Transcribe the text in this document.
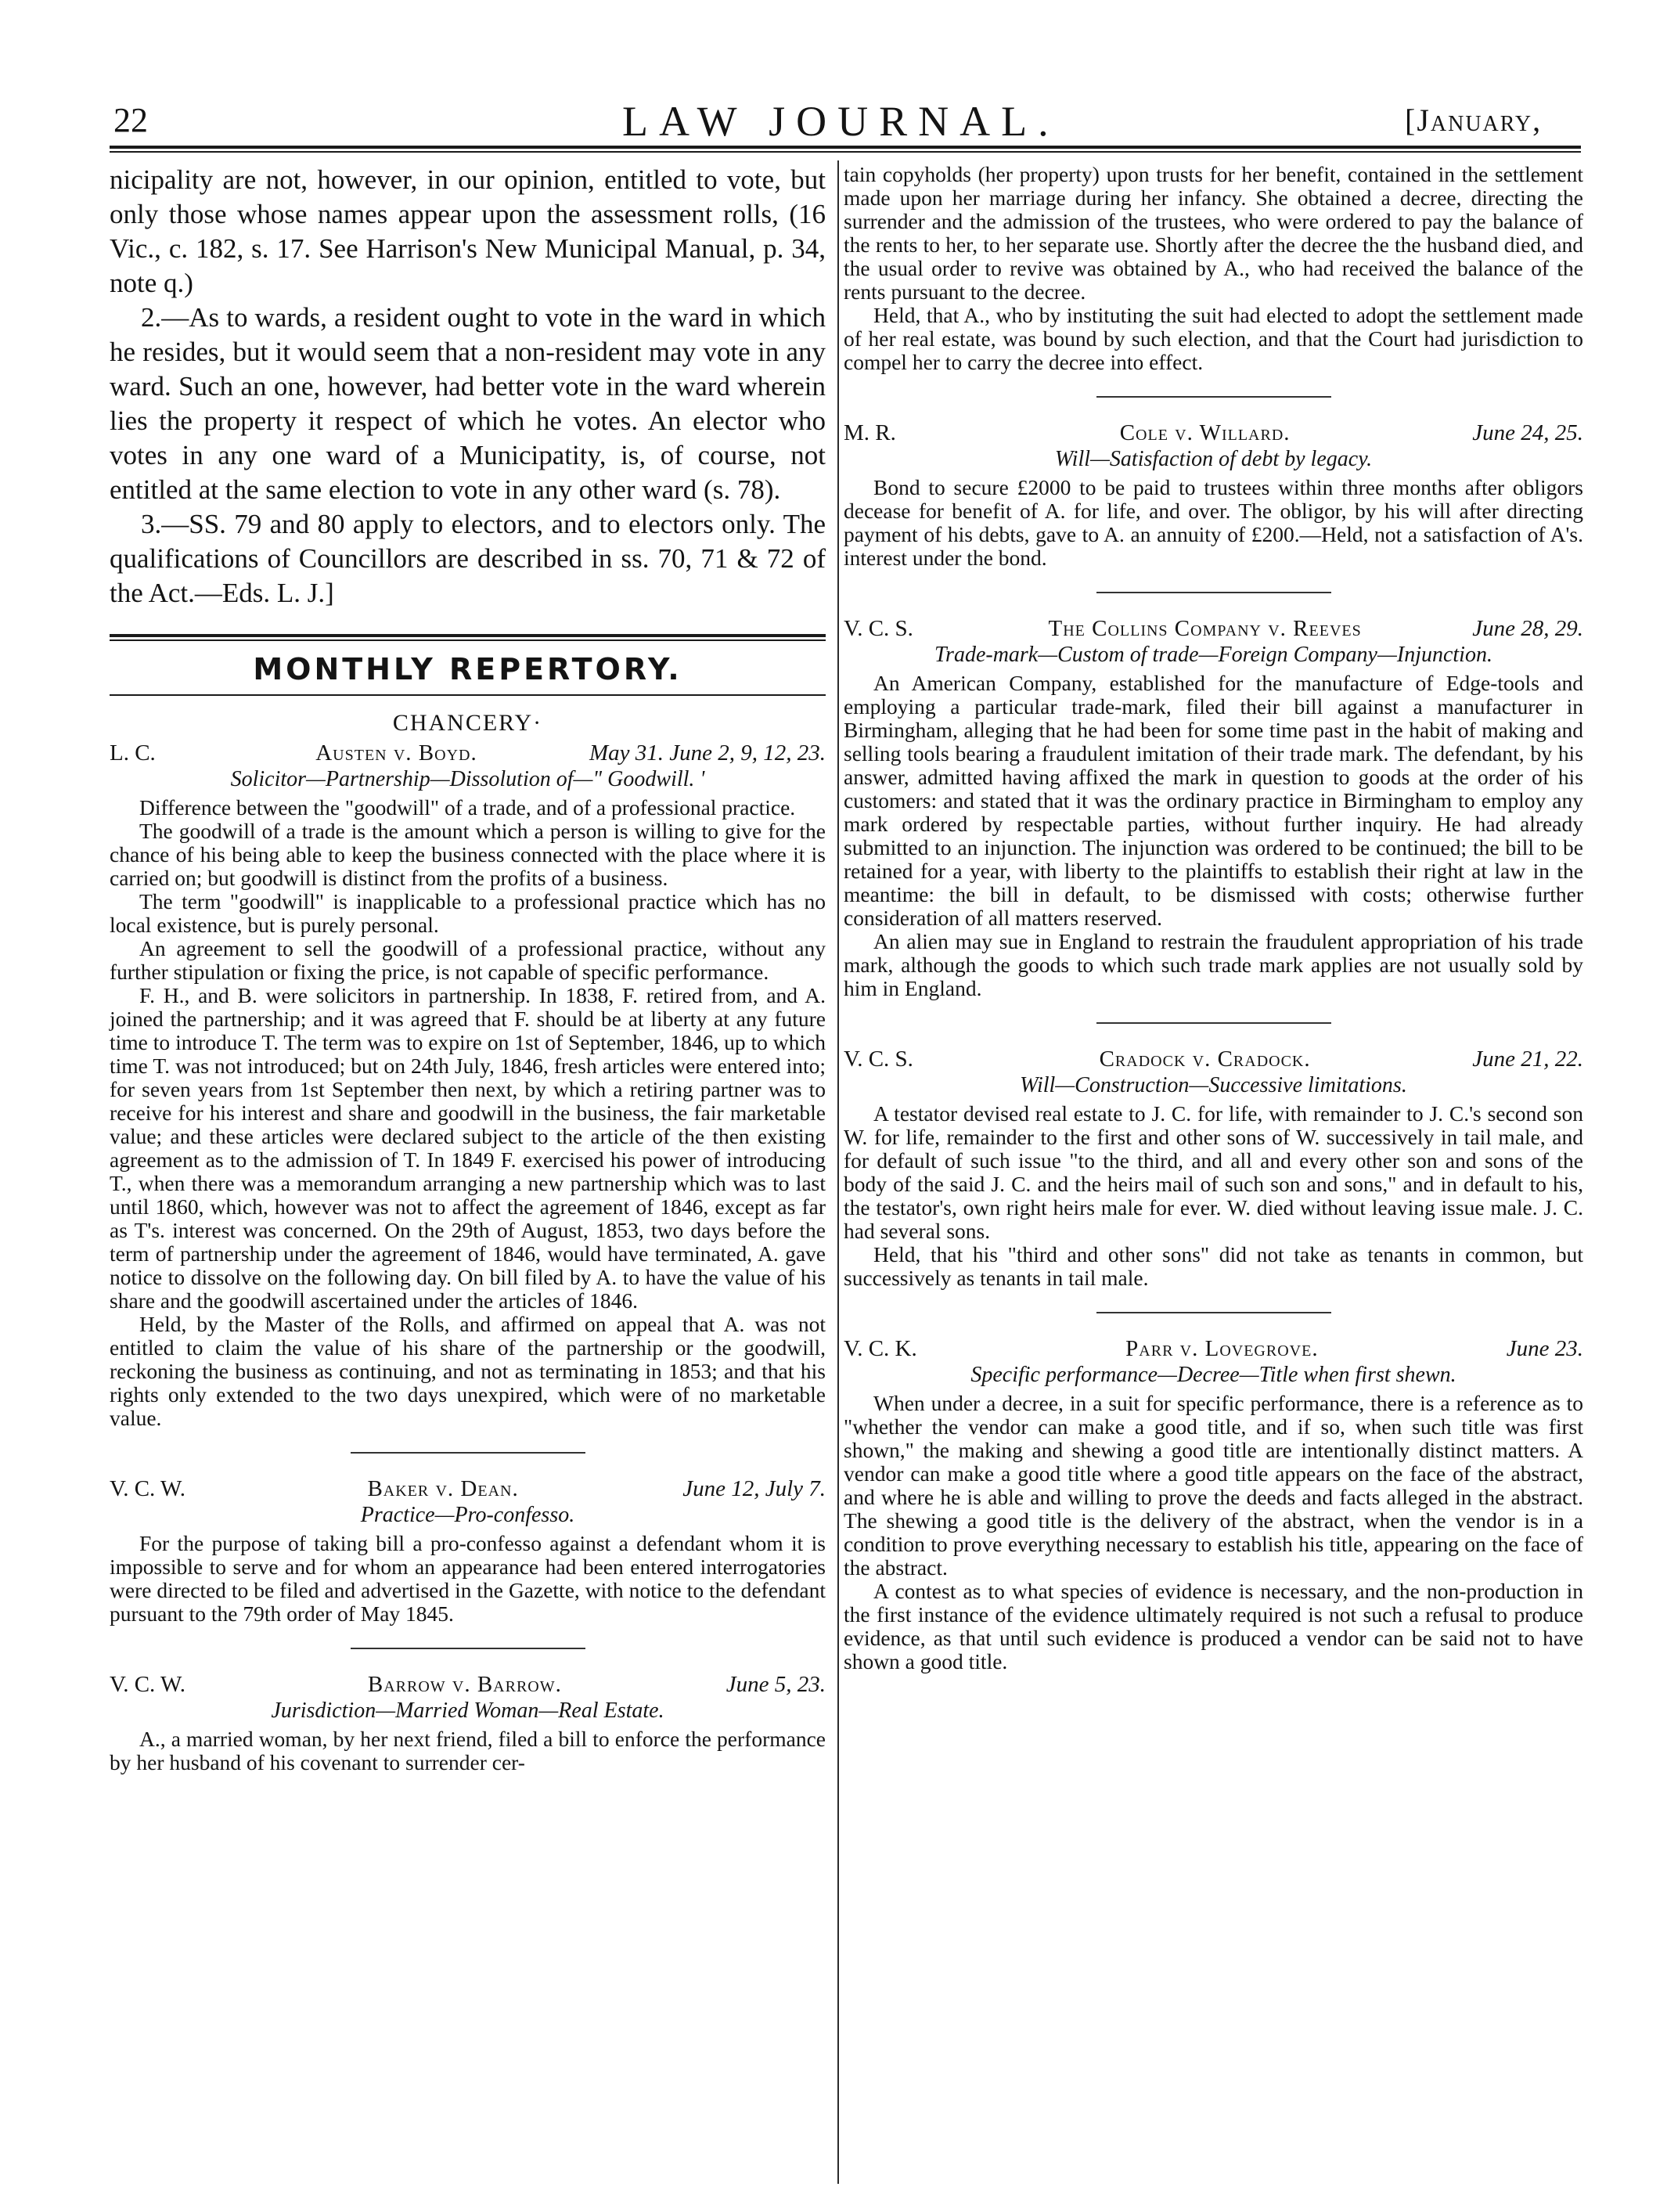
22	LAW JOURNAL.	[January,

nicipality are not, however, in our opinion, entitled to vote, but only those whose names appear upon the assessment rolls, (16 Vic., c. 182, s. 17. See Harrison's New Municipal Manual, p. 34, note q.)

2.—As to wards, a resident ought to vote in the ward in which he resides, but it would seem that a non-resident may vote in any ward. Such an one, however, had better vote in the ward wherein lies the property it respect of which he votes. An elector who votes in any one ward of a Municipatity, is, of course, not entitled at the same election to vote in any other ward (s. 78).

3.—SS. 79 and 80 apply to electors, and to electors only. The qualifications of Councillors are described in ss. 70, 71 & 72 of the Act.—Eds. L. J.]

MONTHLY REPERTORY.
CHANCERY·
L. C.	Austen v. Boyd.	May 31. June 2, 9, 12, 23.
Solicitor—Partnership—Dissolution of—" Goodwill. '

Difference between the "goodwill" of a trade, and of a professional practice.

The goodwill of a trade is the amount which a person is willing to give for the chance of his being able to keep the business connected with the place where it is carried on; but goodwill is distinct from the profits of a business.

The term "goodwill" is inapplicable to a professional practice which has no local existence, but is purely personal.

An agreement to sell the goodwill of a professional practice, without any further stipulation or fixing the price, is not capable of specific performance.

F. H., and B. were solicitors in partnership. In 1838, F. retired from, and A. joined the partnership; and it was agreed that F. should be at liberty at any future time to introduce T. The term was to expire on 1st of September, 1846, up to which time T. was not introduced; but on 24th July, 1846, fresh articles were entered into; for seven years from 1st September then next, by which a retiring partner was to receive for his interest and share and goodwill in the business, the fair marketable value; and these articles were declared subject to the article of the then existing agreement as to the admission of T. In 1849 F. exercised his power of introducing T., when there was a memorandum arranging a new partnership which was to last until 1860, which, however was not to affect the agreement of 1846, except as far as T's. interest was concerned. On the 29th of August, 1853, two days before the term of partnership under the agreement of 1846, would have terminated, A. gave notice to dissolve on the following day. On bill filed by A. to have the value of his share and the goodwill ascertained under the articles of 1846.

Held, by the Master of the Rolls, and affirmed on appeal that A. was not entitled to claim the value of his share of the partnership or the goodwill, reckoning the business as continuing, and not as terminating in 1853; and that his rights only extended to the two days unexpired, which were of no marketable value.

V. C. W.	Baker v. Dean.	June 12, July 7.
Practice—Pro-confesso.

For the purpose of taking bill a pro-confesso against a defendant whom it is impossible to serve and for whom an appearance had been entered interrogatories were directed to be filed and advertised in the Gazette, with notice to the defendant pursuant to the 79th order of May 1845.

V. C. W.	Barrow v. Barrow.	June 5, 23.
Jurisdiction—Married Woman—Real Estate.

A., a married woman, by her next friend, filed a bill to enforce the performance by her husband of his covenant to surrender cer-

tain copyholds (her property) upon trusts for her benefit, contained in the settlement made upon her marriage during her infancy. She obtained a decree, directing the surrender and the admission of the trustees, who were ordered to pay the balance of the rents to her, to her separate use. Shortly after the decree the the husband died, and the usual order to revive was obtained by A., who had received the balance of the rents pursuant to the decree.

Held, that A., who by instituting the suit had elected to adopt the settlement made of her real estate, was bound by such election, and that the Court had jurisdiction to compel her to carry the decree into effect.

M. R.	Cole v. Willard.	June 24, 25.
Will—Satisfaction of debt by legacy.

Bond to secure £2000 to be paid to trustees within three months after obligors decease for benefit of A. for life, and over. The obligor, by his will after directing payment of his debts, gave to A. an annuity of £200.—Held, not a satisfaction of A's. interest under the bond.

V. C. S.	The Collins Company v. Reeves	June 28, 29.
Trade-mark—Custom of trade—Foreign Company—Injunction.

An American Company, established for the manufacture of Edge-tools and employing a particular trade-mark, filed their bill against a manufacturer in Birmingham, alleging that he had been for some time past in the habit of making and selling tools bearing a fraudulent imitation of their trade mark. The defendant, by his answer, admitted having affixed the mark in question to goods at the order of his customers: and stated that it was the ordinary practice in Birmingham to employ any mark ordered by respectable parties, without further inquiry. He had already submitted to an injunction. The injunction was ordered to be continued; the bill to be retained for a year, with liberty to the plaintiffs to establish their right at law in the meantime: the bill in default, to be dismissed with costs; otherwise further consideration of all matters reserved.

An alien may sue in England to restrain the fraudulent appropriation of his trade mark, although the goods to which such trade mark applies are not usually sold by him in England.

V. C. S.	Cradock v. Cradock.	June 21, 22.
Will—Construction—Successive limitations.

A testator devised real estate to J. C. for life, with remainder to J. C.'s second son W. for life, remainder to the first and other sons of W. successively in tail male, and for default of such issue "to the third, and all and every other son and sons of the body of the said J. C. and the heirs mail of such son and sons," and in default to his, the testator's, own right heirs male for ever. W. died without leaving issue male. J. C. had several sons.

Held, that his "third and other sons" did not take as tenants in common, but successively as tenants in tail male.

V. C. K.	Parr v. Lovegrove.	June 23.
Specific performance—Decree—Title when first shewn.

When under a decree, in a suit for specific performance, there is a reference as to "whether the vendor can make a good title, and if so, when such title was first shown," the making and shewing a good title are intentionally distinct matters. A vendor can make a good title where a good title appears on the face of the abstract, and where he is able and willing to prove the deeds and facts alleged in the abstract. The shewing a good title is the delivery of the abstract, when the vendor is in a condition to prove everything necessary to establish his title, appearing on the face of the abstract.

A contest as to what species of evidence is necessary, and the non-production in the first instance of the evidence ultimately required is not such a refusal to produce evidence, as that until such evidence is produced a vendor can be said not to have shown a good title.
